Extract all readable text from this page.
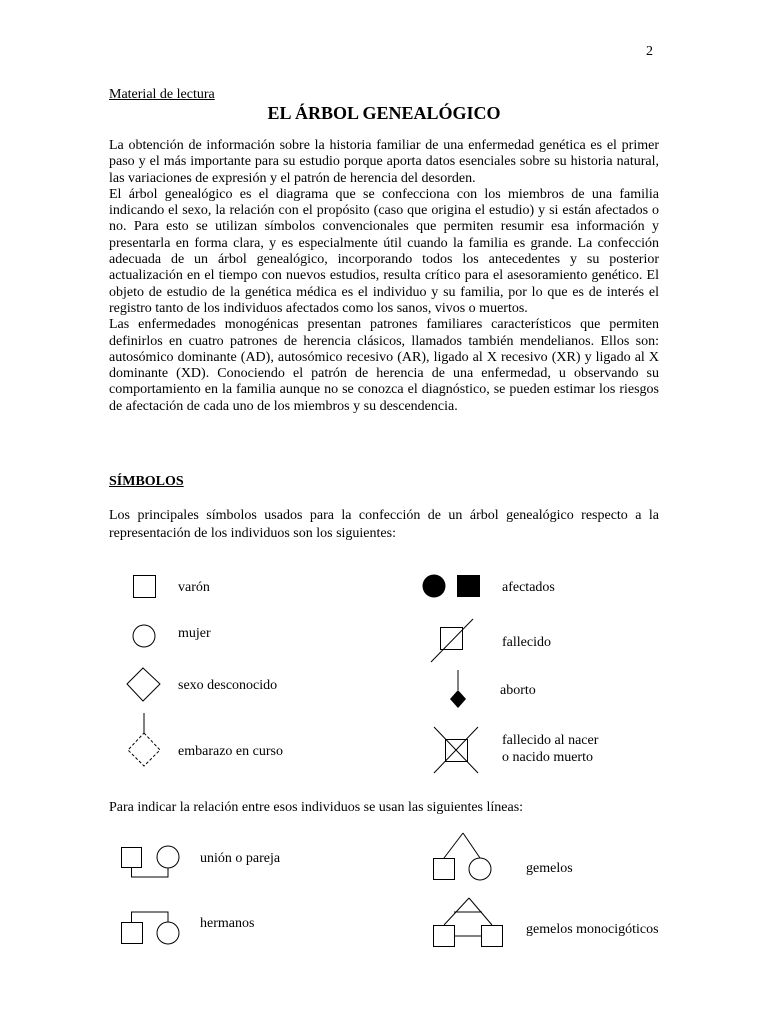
2
Material de lectura
EL ÁRBOL GENEALÓGICO

La obtención de información sobre la historia familiar de una enfermedad genética es el primer paso y el más importante para su estudio porque aporta datos esenciales sobre su historia natural, las variaciones de expresión y el patrón de herencia del desorden.

El árbol genealógico es el diagrama que se confecciona con los miembros de una familia indicando el sexo, la relación con el propósito (caso que origina el estudio) y si están afectados o no. Para esto se utilizan símbolos convencionales que permiten resumir esa información y presentarla en forma clara, y es especialmente útil cuando la familia es grande. La confección adecuada de un árbol genealógico, incorporando todos los antecedentes y su posterior actualización en el tiempo con nuevos estudios, resulta crítico para el asesoramiento genético. El objeto de estudio de la genética médica es el individuo y su familia, por lo que es de interés el registro tanto de los individuos afectados como los sanos, vivos o muertos.

Las enfermedades monogénicas presentan patrones familiares característicos que permiten definirlos en cuatro patrones de herencia clásicos, llamados también mendelianos. Ellos son: autosómico dominante (AD), autosómico recesivo (AR), ligado al X recesivo (XR) y ligado al X dominante (XD). Conociendo el patrón de herencia de una enfermedad, u observando su comportamiento en la familia aunque no se conozca el diagnóstico, se pueden estimar los riesgos de afectación de cada uno de los miembros y su descendencia.

SÍMBOLOS
Los principales símbolos usados para la confección de un árbol genealógico respecto a la representación de los individuos son los siguientes:
varón
mujer
sexo desconocido
embarazo en curso
afectados
fallecido
aborto
fallecido al nacer
o nacido muerto
Para indicar la relación entre esos individuos se usan las siguientes líneas:
unión o pareja
gemelos
hermanos	gemelos monocigóticos
